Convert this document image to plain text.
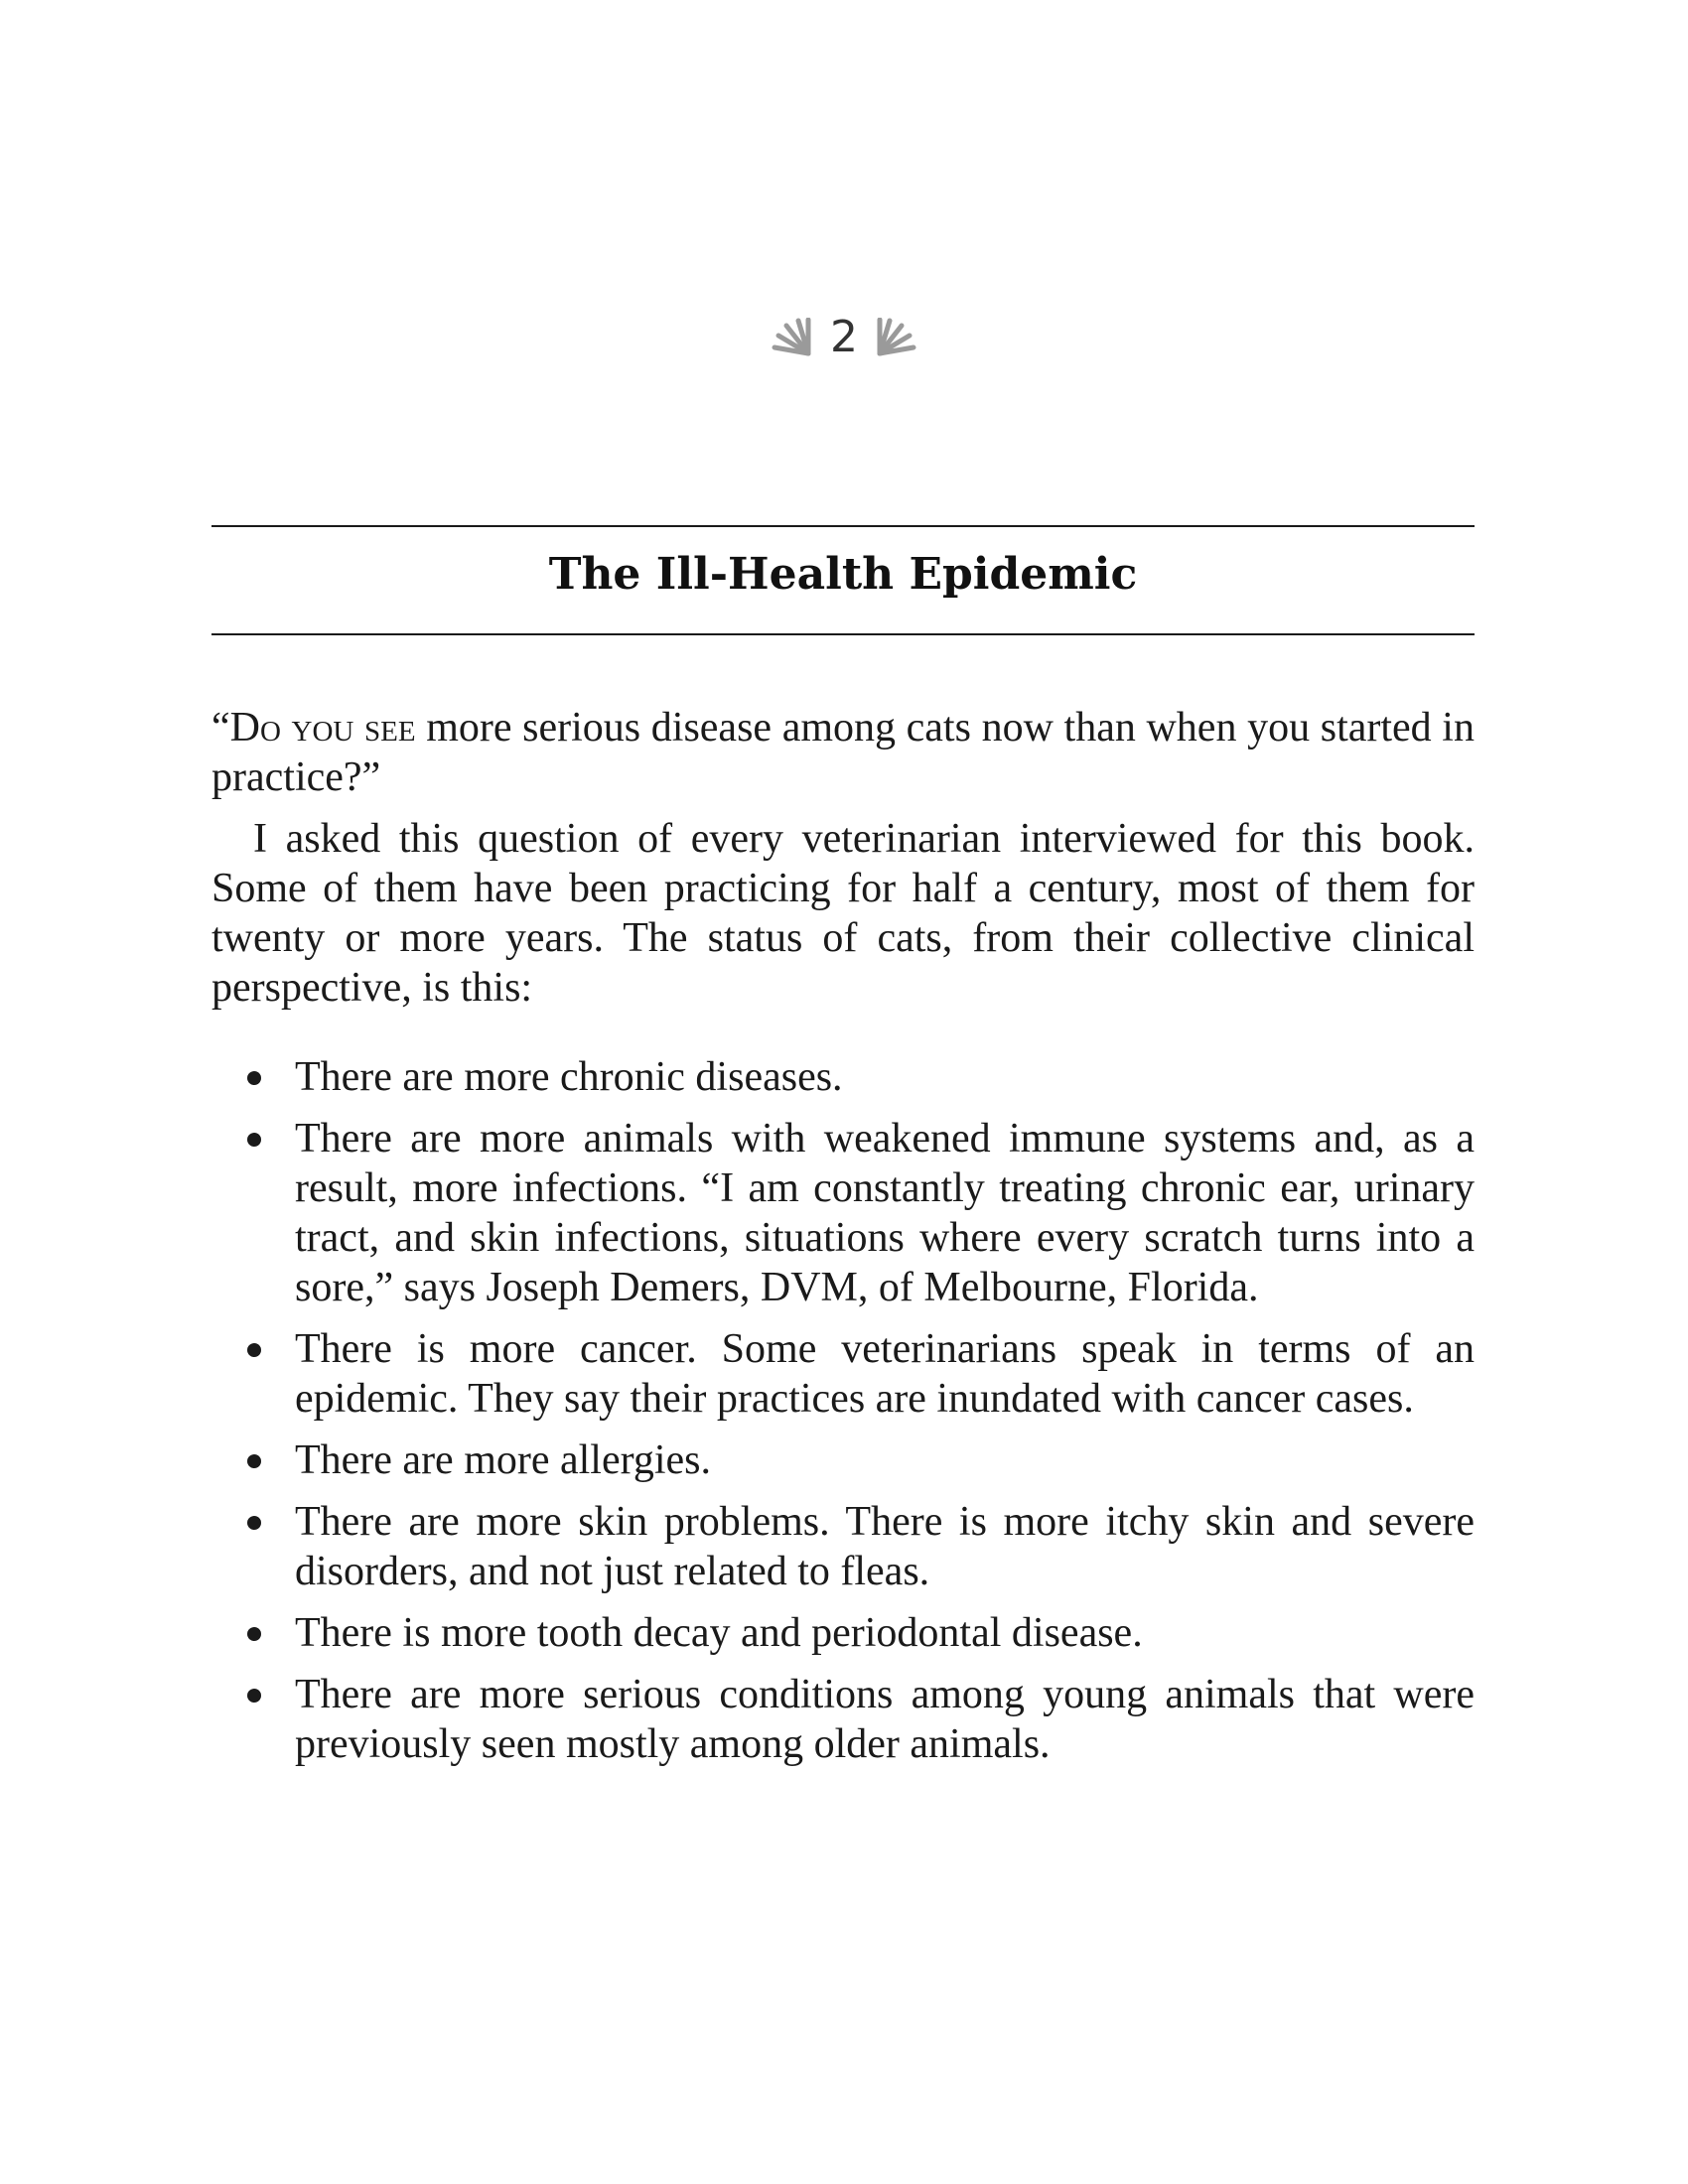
2
The Ill-Health Epidemic

“Do you see more serious disease among cats now than when you started in practice?”

I asked this question of every veterinarian interviewed for this book. Some of them have been practicing for half a century, most of them for twenty or more years. The status of cats, from their collective clinical perspective, is this:

There are more chronic diseases.
There are more animals with weakened immune systems and, as a result, more infections. “I am constantly treating chronic ear, urinary tract, and skin infections, situations where every scratch turns into a sore,” says Joseph Demers, DVM, of Melbourne, Florida.
There is more cancer. Some veterinarians speak in terms of an epidemic. They say their practices are inundated with cancer cases.
There are more allergies.
There are more skin problems. There is more itchy skin and severe disorders, and not just related to fleas.
There is more tooth decay and periodontal disease.
There are more serious conditions among young animals that were previously seen mostly among older animals.
